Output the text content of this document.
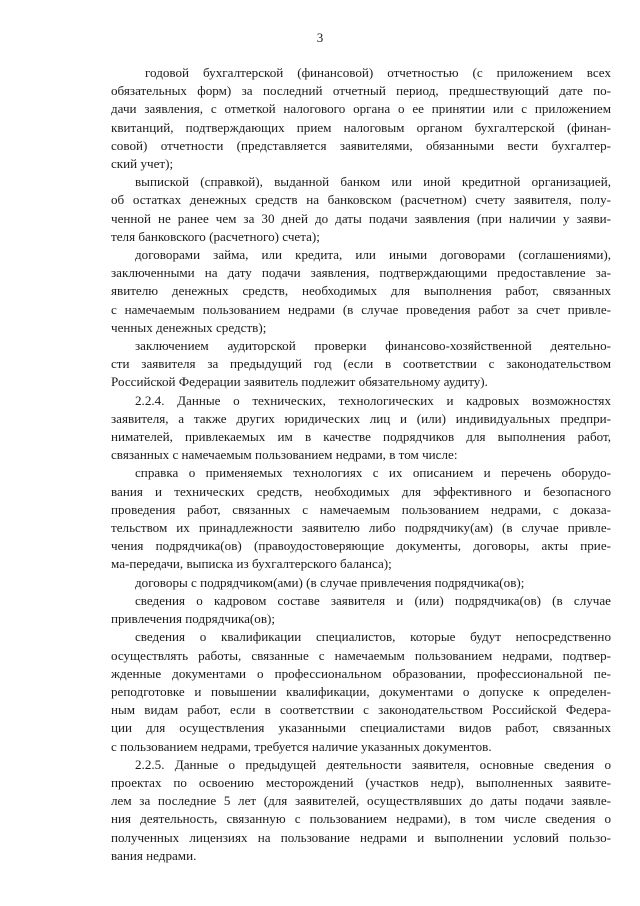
3
годовой бухгалтерской (финансовой) отчетностью (с приложением всех
обязательных форм) за последний отчетный период, предшествующий дате по-
дачи заявления, с отметкой налогового органа о ее принятии или с приложением
квитанций, подтверждающих прием налоговым органом бухгалтерской (финан-
совой) отчетности (представляется заявителями, обязанными вести бухгалтер-
ский учет);
выпиской (справкой), выданной банком или иной кредитной организацией,
об остатках денежных средств на банковском (расчетном) счету заявителя, полу-
ченной не ранее чем за 30 дней до даты подачи заявления (при наличии у заяви-
теля банковского (расчетного) счета);
договорами займа, или кредита, или иными договорами (соглашениями),
заключенными на дату подачи заявления, подтверждающими предоставление за-
явителю денежных средств, необходимых для выполнения работ, связанных
с намечаемым пользованием недрами (в случае проведения работ за счет привле-
ченных денежных средств);
заключением аудиторской проверки финансово-хозяйственной деятельно-
сти заявителя за предыдущий год (если в соответствии с законодательством
Российской Федерации заявитель подлежит обязательному аудиту).
2.2.4. Данные о технических, технологических и кадровых возможностях
заявителя, а также других юридических лиц и (или) индивидуальных предпри-
нимателей, привлекаемых им в качестве подрядчиков для выполнения работ,
связанных с намечаемым пользованием недрами, в том числе:
справка о применяемых технологиях с их описанием и перечень оборудо-
вания и технических средств, необходимых для эффективного и безопасного
проведения работ, связанных с намечаемым пользованием недрами, с доказа-
тельством их принадлежности заявителю либо подрядчику(ам) (в случае привле-
чения подрядчика(ов) (правоудостоверяющие документы, договоры, акты прие-
ма-передачи, выписка из бухгалтерского баланса);
договоры с подрядчиком(ами) (в случае привлечения подрядчика(ов);
сведения о кадровом составе заявителя и (или) подрядчика(ов) (в случае
привлечения подрядчика(ов);
сведения о квалификации специалистов, которые будут непосредственно
осуществлять работы, связанные с намечаемым пользованием недрами, подтвер-
жденные документами о профессиональном образовании, профессиональной пе-
реподготовке и повышении квалификации, документами о допуске к определен-
ным видам работ, если в соответствии с законодательством Российской Федера-
ции для осуществления указанными специалистами видов работ, связанных
с пользованием недрами, требуется наличие указанных документов.
2.2.5. Данные о предыдущей деятельности заявителя, основные сведения о
проектах по освоению месторождений (участков недр), выполненных заявите-
лем за последние 5 лет (для заявителей, осуществлявших до даты подачи заявле-
ния деятельность, связанную с пользованием недрами), в том числе сведения о
полученных лицензиях на пользование недрами и выполнении условий пользо-
вания недрами.
